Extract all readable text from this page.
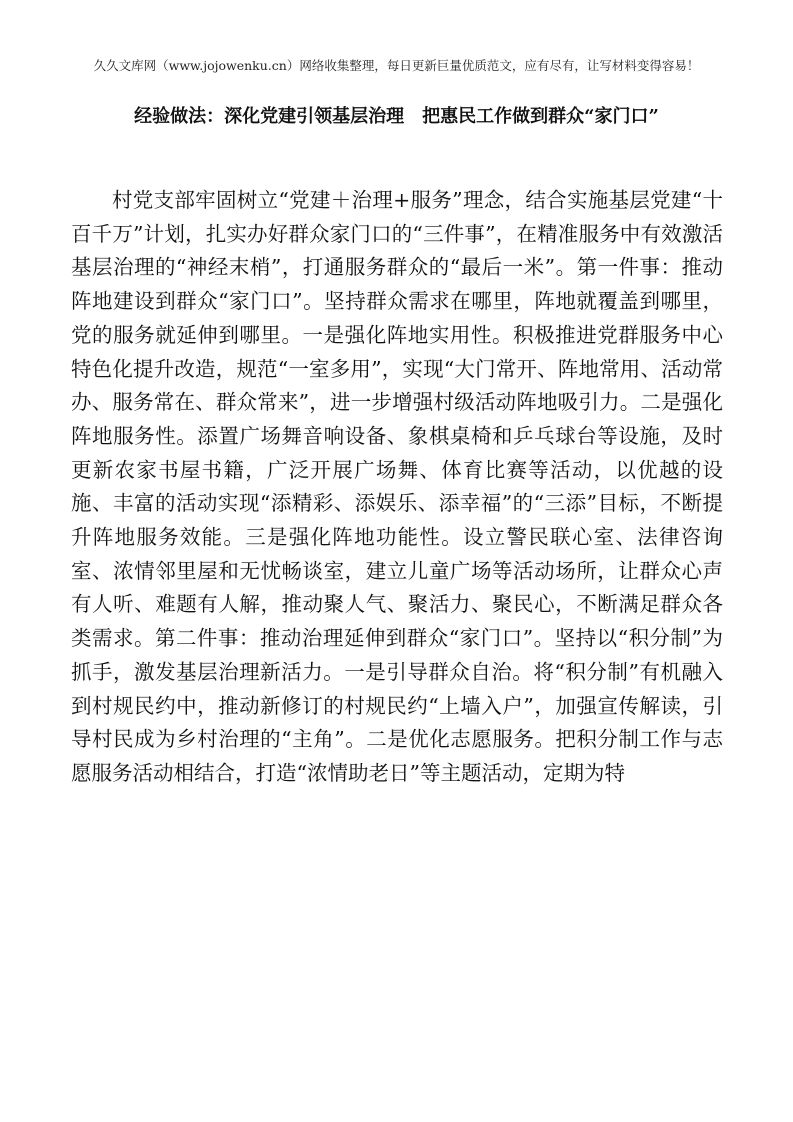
久久文库网（www.jojowenku.cn）网络收集整理，每日更新巨量优质范文，应有尽有，让写材料变得容易！
经验做法：深化党建引领基层治理　把惠民工作做到群众“家门口”

村党支部牢固树立“党建＋治理+服务”理念，结合实施基层党建“十百千万”计划，扎实办好群众家门口的“三件事”，在精准服务中有效激活基层治理的“神经末梢”，打通服务群众的“最后一米”。第一件事：推动阵地建设到群众“家门口”。坚持群众需求在哪里，阵地就覆盖到哪里，党的服务就延伸到哪里。一是强化阵地实用性。积极推进党群服务中心特色化提升改造，规范“一室多用”，实现“大门常开、阵地常用、活动常办、服务常在、群众常来”，进一步增强村级活动阵地吸引力。二是强化阵地服务性。添置广场舞音响设备、象棋桌椅和乒乓球台等设施，及时更新农家书屋书籍，广泛开展广场舞、体育比赛等活动，以优越的设施、丰富的活动实现“添精彩、添娱乐、添幸福”的“三添”目标，不断提升阵地服务效能。三是强化阵地功能性。设立警民联心室、法律咨询室、浓情邻里屋和无忧畅谈室，建立儿童广场等活动场所，让群众心声有人听、难题有人解，推动聚人气、聚活力、聚民心，不断满足群众各类需求。第二件事：推动治理延伸到群众“家门口”。坚持以“积分制”为抓手，激发基层治理新活力。一是引导群众自治。将“积分制”有机融入到村规民约中，推动新修订的村规民约“上墙入户”，加强宣传解读，引导村民成为乡村治理的“主角”。二是优化志愿服务。把积分制工作与志愿服务活动相结合，打造“浓情助老日”等主题活动，定期为特
